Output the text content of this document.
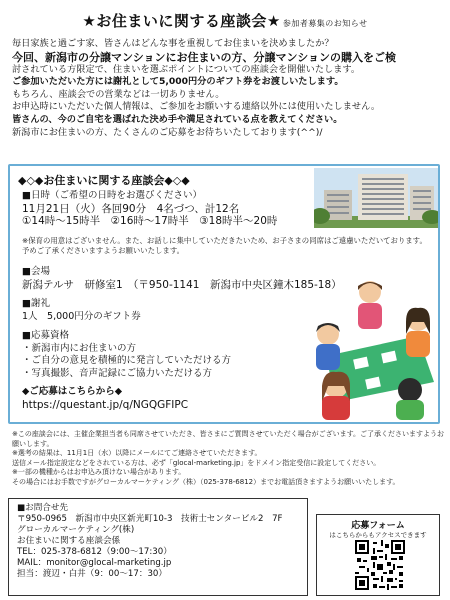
★お住まいに関する座談会★ 参加者募集のお知らせ

毎日家族と過ごす家、皆さんはどんな事を重視してお住まいを決めましたか？

今回、新潟市の分譲マンションにお住まいの方、分譲マンションの購入をご検

討されている方限定で、住まいを選ぶポイントについての座談会を開催いたします。

ご参加いただいた方には謝礼として5,000円分のギフト券をお渡しいたします。

もちろん、座談会での営業などは一切ありません。

お申込時にいただいた個人情報は、ご参加をお願いする連絡以外には使用いたしません。

皆さんの、今のご自宅を選ばれた決め手や満足されている点を教えてください。

新潟市にお住まいの方、たくさんのご応募をお待ちいたしております(^^)/

◆◇◆お住まいに関する座談会◆◇◆

■日時（ご希望の日時をお選びください）

11月21日（火）各回90分　4名づつ、計12名

①14時～15時半　②16時～17時半　③18時半～20時

※保育の用意はございません。また、お話しに集中していただきたいため、お子さまの同席はご遠慮いただいております。

予めご了承くださいますようお願いいたします。

■会場

新潟テルサ　研修室1　（〒950-1141　新潟市中央区鐘木185-18）

■謝礼

1人　5,000円分のギフト券

■応募資格

・新潟市内にお住まいの方

・ご自分の意見を積極的に発言していただける方

・写真撮影、音声記録にご協力いただける方

◆ご応募はこちらから◆

https://questant.jp/q/NGQGFIPC

※この座談会には、主催企業担当者も同席させていただき、皆さまにご質問させていただく場合がございます。ご了承くださいますようお

願いします。

※選考の結果は、11月1日（水）以降にメールにてご連絡させていただきます。

送信メール指定設定などをされている方は、必ず「glocal-marketing.jp」をドメイン指定受信に設定してください。

※一部の機種からはお申込み頂けない場合があります。

その場合にはお手数ですがグローカルマーケティング（株）（025-378-6812）までお電話頂きますようお願いいたします。

■お問合せ先

〒950-0965　新潟市中央区新光町10-3　技術士センタービル2　7F

グローカルマーケティング(株)

お住まいに関する座談会係

TEL：025-378-6812（9:00～17:30）

MAIL：monitor@glocal-marketing.jp

担当：渡辺・白井（9：00～17：30）

応募フォーム
はこちらからもアクセスできます
